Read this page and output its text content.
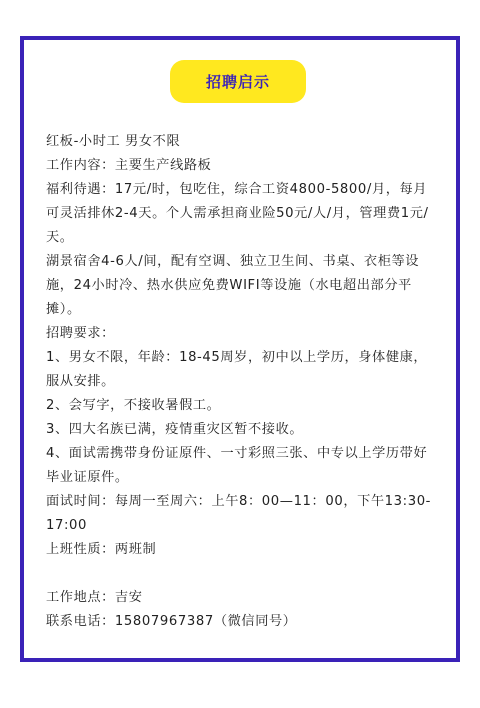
招聘启示

红板-小时工 男女不限

工作内容：主要生产线路板

福利待遇：17元/时，包吃住，综合工资4800-5800/月，每月可灵活排休2-4天。个人需承担商业险50元/人/月，管理费1元/天。

湖景宿舍4-6人/间，配有空调、独立卫生间、书桌、衣柜等设施，24小时冷、热水供应免费WIFI等设施（水电超出部分平摊）。

招聘要求：

1、男女不限，年龄：18-45周岁，初中以上学历，身体健康，服从安排。

2、会写字，不接收暑假工。

3、四大名族已满，疫情重灾区暂不接收。

4、面试需携带身份证原件、一寸彩照三张、中专以上学历带好毕业证原件。

面试时间：每周一至周六：上午8：00—11：00，下午13:30-17:00

上班性质：两班制

工作地点：吉安

联系电话：15807967387（微信同号）
